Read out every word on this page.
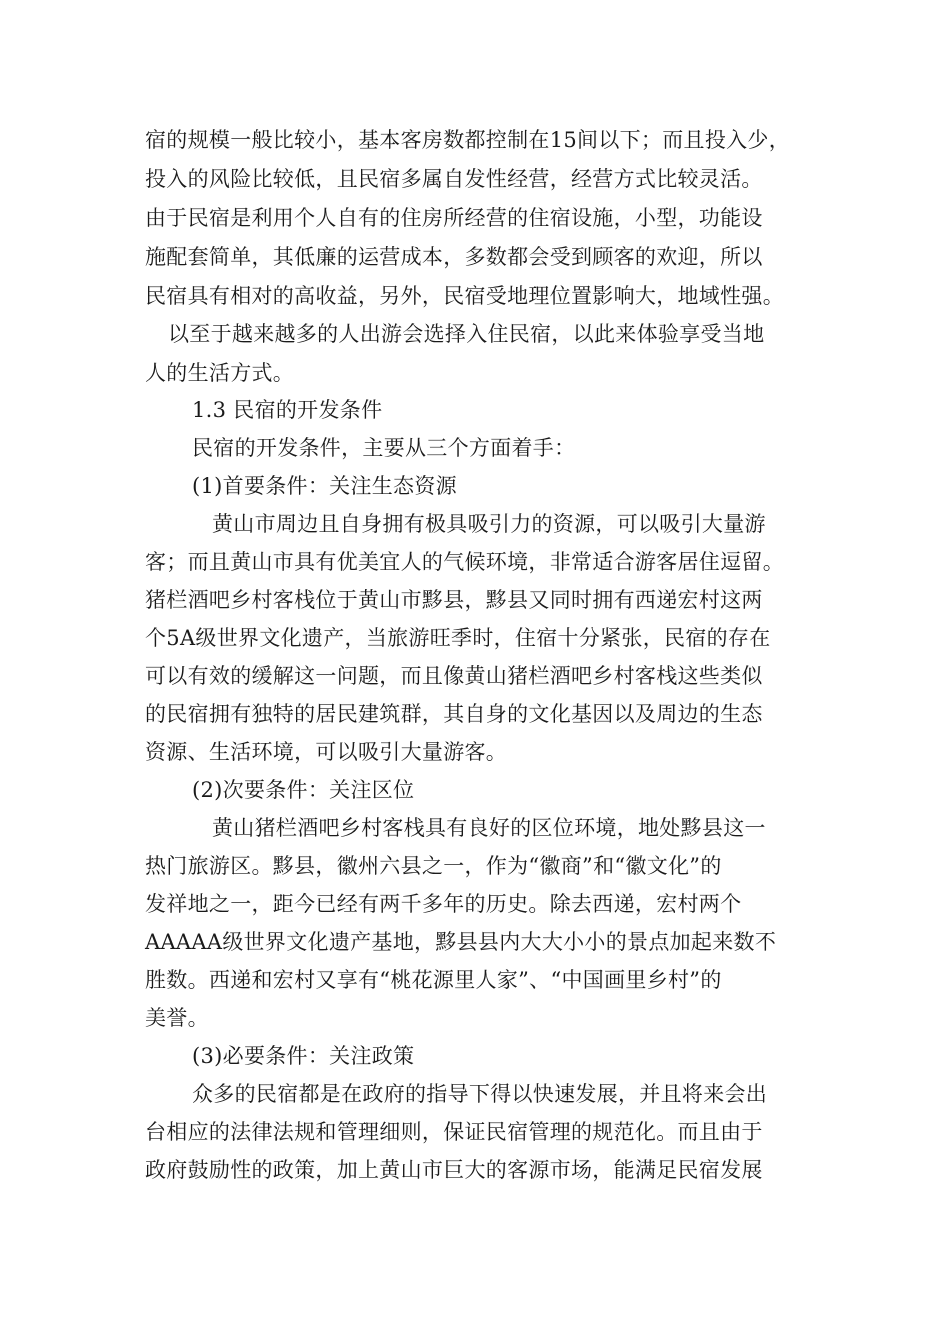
宿的规模一般比较小，基本客房数都控制在15间以下；而且投入少，
投入的风险比较低，且民宿多属自发性经营，经营方式比较灵活。
由于民宿是利用个人自有的住房所经营的住宿设施，小型，功能设
施配套简单，其低廉的运营成本，多数都会受到顾客的欢迎，所以
民宿具有相对的高收益，另外，民宿受地理位置影响大，地域性强。
以至于越来越多的人出游会选择入住民宿，以此来体验享受当地
人的生活方式。
1.3 民宿的开发条件
民宿的开发条件，主要从三个方面着手：
(1)首要条件：关注生态资源
黄山市周边且自身拥有极具吸引力的资源，可以吸引大量游
客；而且黄山市具有优美宜人的气候环境，非常适合游客居住逗留。
猪栏酒吧乡村客栈位于黄山市黟县，黟县又同时拥有西递宏村这两
个5A级世界文化遗产，当旅游旺季时，住宿十分紧张，民宿的存在
可以有效的缓解这一问题，而且像黄山猪栏酒吧乡村客栈这些类似
的民宿拥有独特的居民建筑群，其自身的文化基因以及周边的生态
资源、生活环境，可以吸引大量游客。
(2)次要条件：关注区位
黄山猪栏酒吧乡村客栈具有良好的区位环境，地处黟县这一
热门旅游区。黟县，徽州六县之一，作为“徽商”和“徽文化”的
发祥地之一，距今已经有两千多年的历史。除去西递，宏村两个
AAAAA级世界文化遗产基地，黟县县内大大小小的景点加起来数不
胜数。西递和宏村又享有“桃花源里人家”、“中国画里乡村”的
美誉。
(3)必要条件：关注政策
众多的民宿都是在政府的指导下得以快速发展，并且将来会出
台相应的法律法规和管理细则，保证民宿管理的规范化。而且由于
政府鼓励性的政策，加上黄山市巨大的客源市场，能满足民宿发展
